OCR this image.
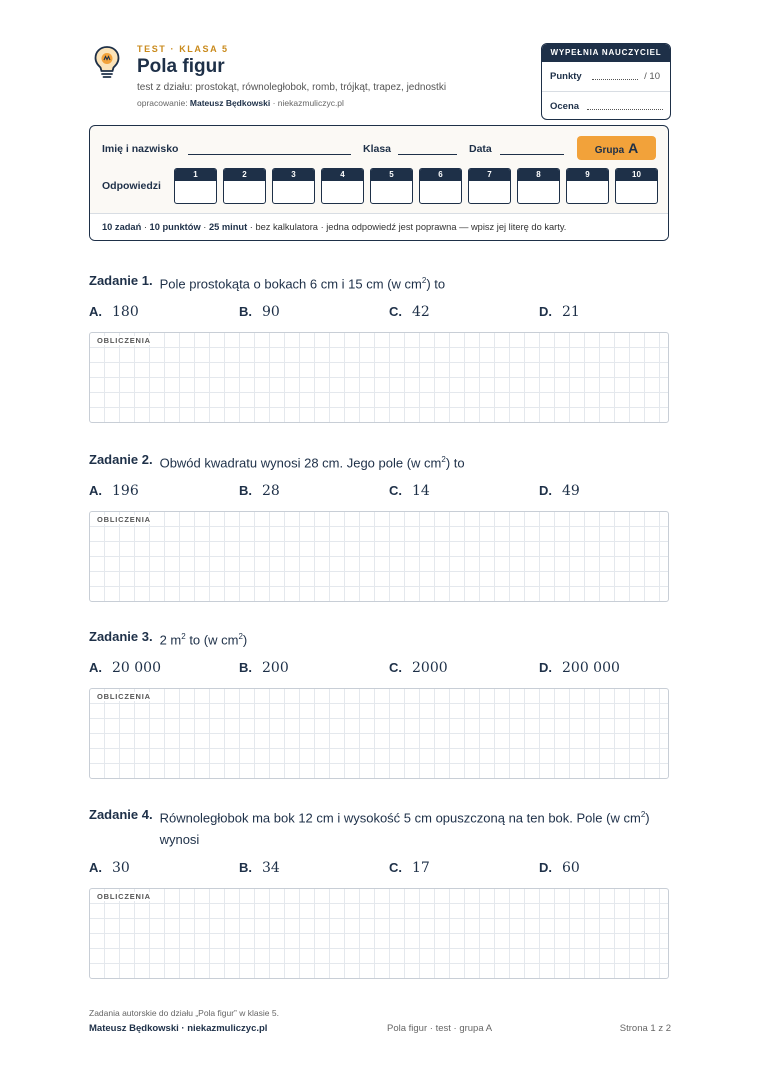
TEST · KLASA 5
Pola figur
test z działu: prostokąt, równoległobok, romb, trójkąt, trapez, jednostki
opracowanie: Mateusz Będkowski · niekazmuliczyc.pl
WYPEŁNIA NAUCZYCIEL
Punkty	/ 10
Ocena
Imię i nazwisko	Klasa	Data	Grupa A
Odpowiedzi
1	2	3	4	5	6	7	8	9	10
10 zadań · 10 punktów · 25 minut · bez kalkulatora · jedna odpowiedź jest poprawna — wpisz jej literę do karty.
Zadanie 1. Pole prostokąta o bokach 6 cm i 15 cm (w $cm^2$) to
A. 180	B. 90	C. 42	D. 21
OBLICZENIA
Zadanie 2. Obwód kwadratu wynosi 28 cm. Jego pole (w $cm^2$) to
A. 196	B. 28	C. 14	D. 49
OBLICZENIA
Zadanie 3. 2 $m^2$ to (w $cm^2$)
A. 20 000	B. 200	C. 2000	D. 200 000
OBLICZENIA
Zadanie 4. Równoległobok ma bok 12 cm i wysokość 5 cm opuszczoną na ten bok. Pole (w $cm^2$) wynosi
A. 30	B. 34	C. 17	D. 60
OBLICZENIA
Zadania autorskie do działu „Pola figur” w klasie 5.
Mateusz Będkowski · niekazmuliczyc.pl	Pola figur · test · grupa A	Strona 1 z 2
